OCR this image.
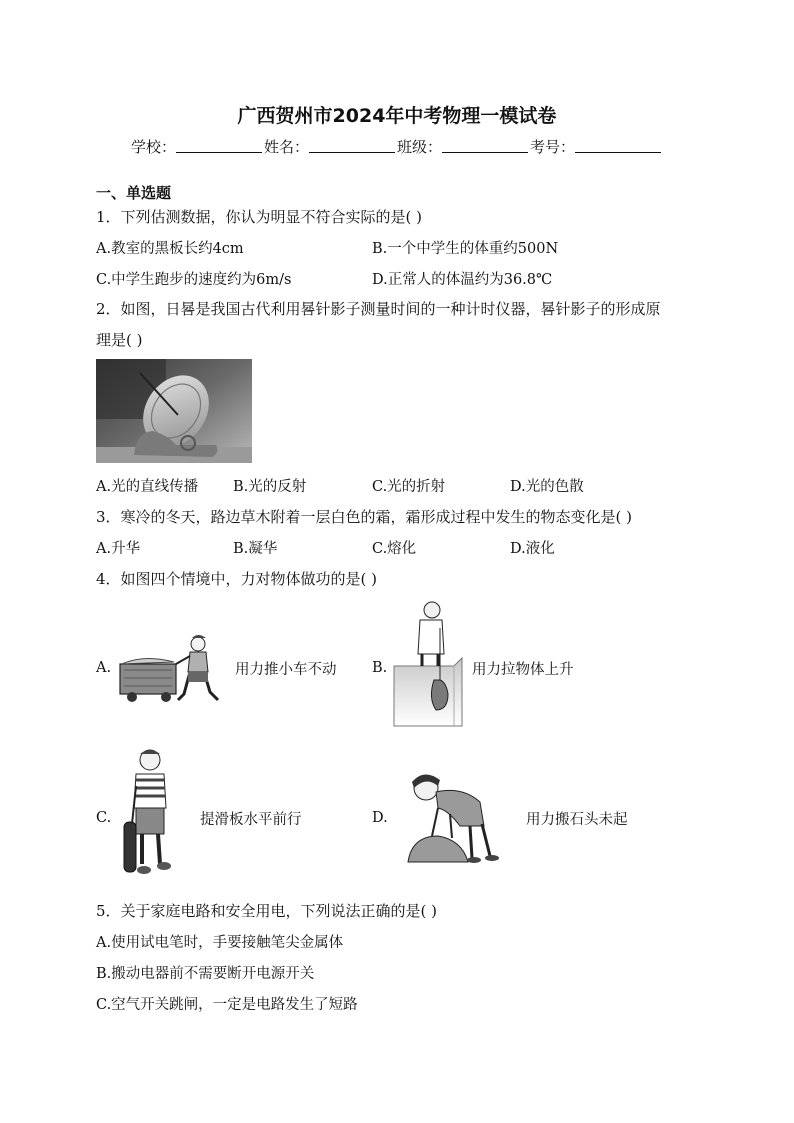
广西贺州市2024年中考物理一模试卷
学校：	姓名：	班级：	考号：
一、单选题
1．下列估测数据，你认为明显不符合实际的是( )
A.教室的黑板长约4cm	B.一个中学生的体重约500N
C.中学生跑步的速度约为6m/s	D.正常人的体温约为36.8℃
2．如图，日晷是我国古代利用晷针影子测量时间的一种计时仪器，晷针影子的形成原
理是( )
A.光的直线传播 B.光的反射	C.光的折射	D.光的色散
3．寒冷的冬天，路边草木附着一层白色的霜，霜形成过程中发生的物态变化是( )
A.升华	B.凝华	C.熔化	D.液化
4．如图四个情境中，力对物体做功的是( )
A.	用力推小车不动 B.	用力拉物体上升
C.	提滑板水平前行	D.	用力搬石头未起
5．关于家庭电路和安全用电，下列说法正确的是( )
A.使用试电笔时，手要接触笔尖金属体
B.搬动电器前不需要断开电源开关
C.空气开关跳闸，一定是电路发生了短路
